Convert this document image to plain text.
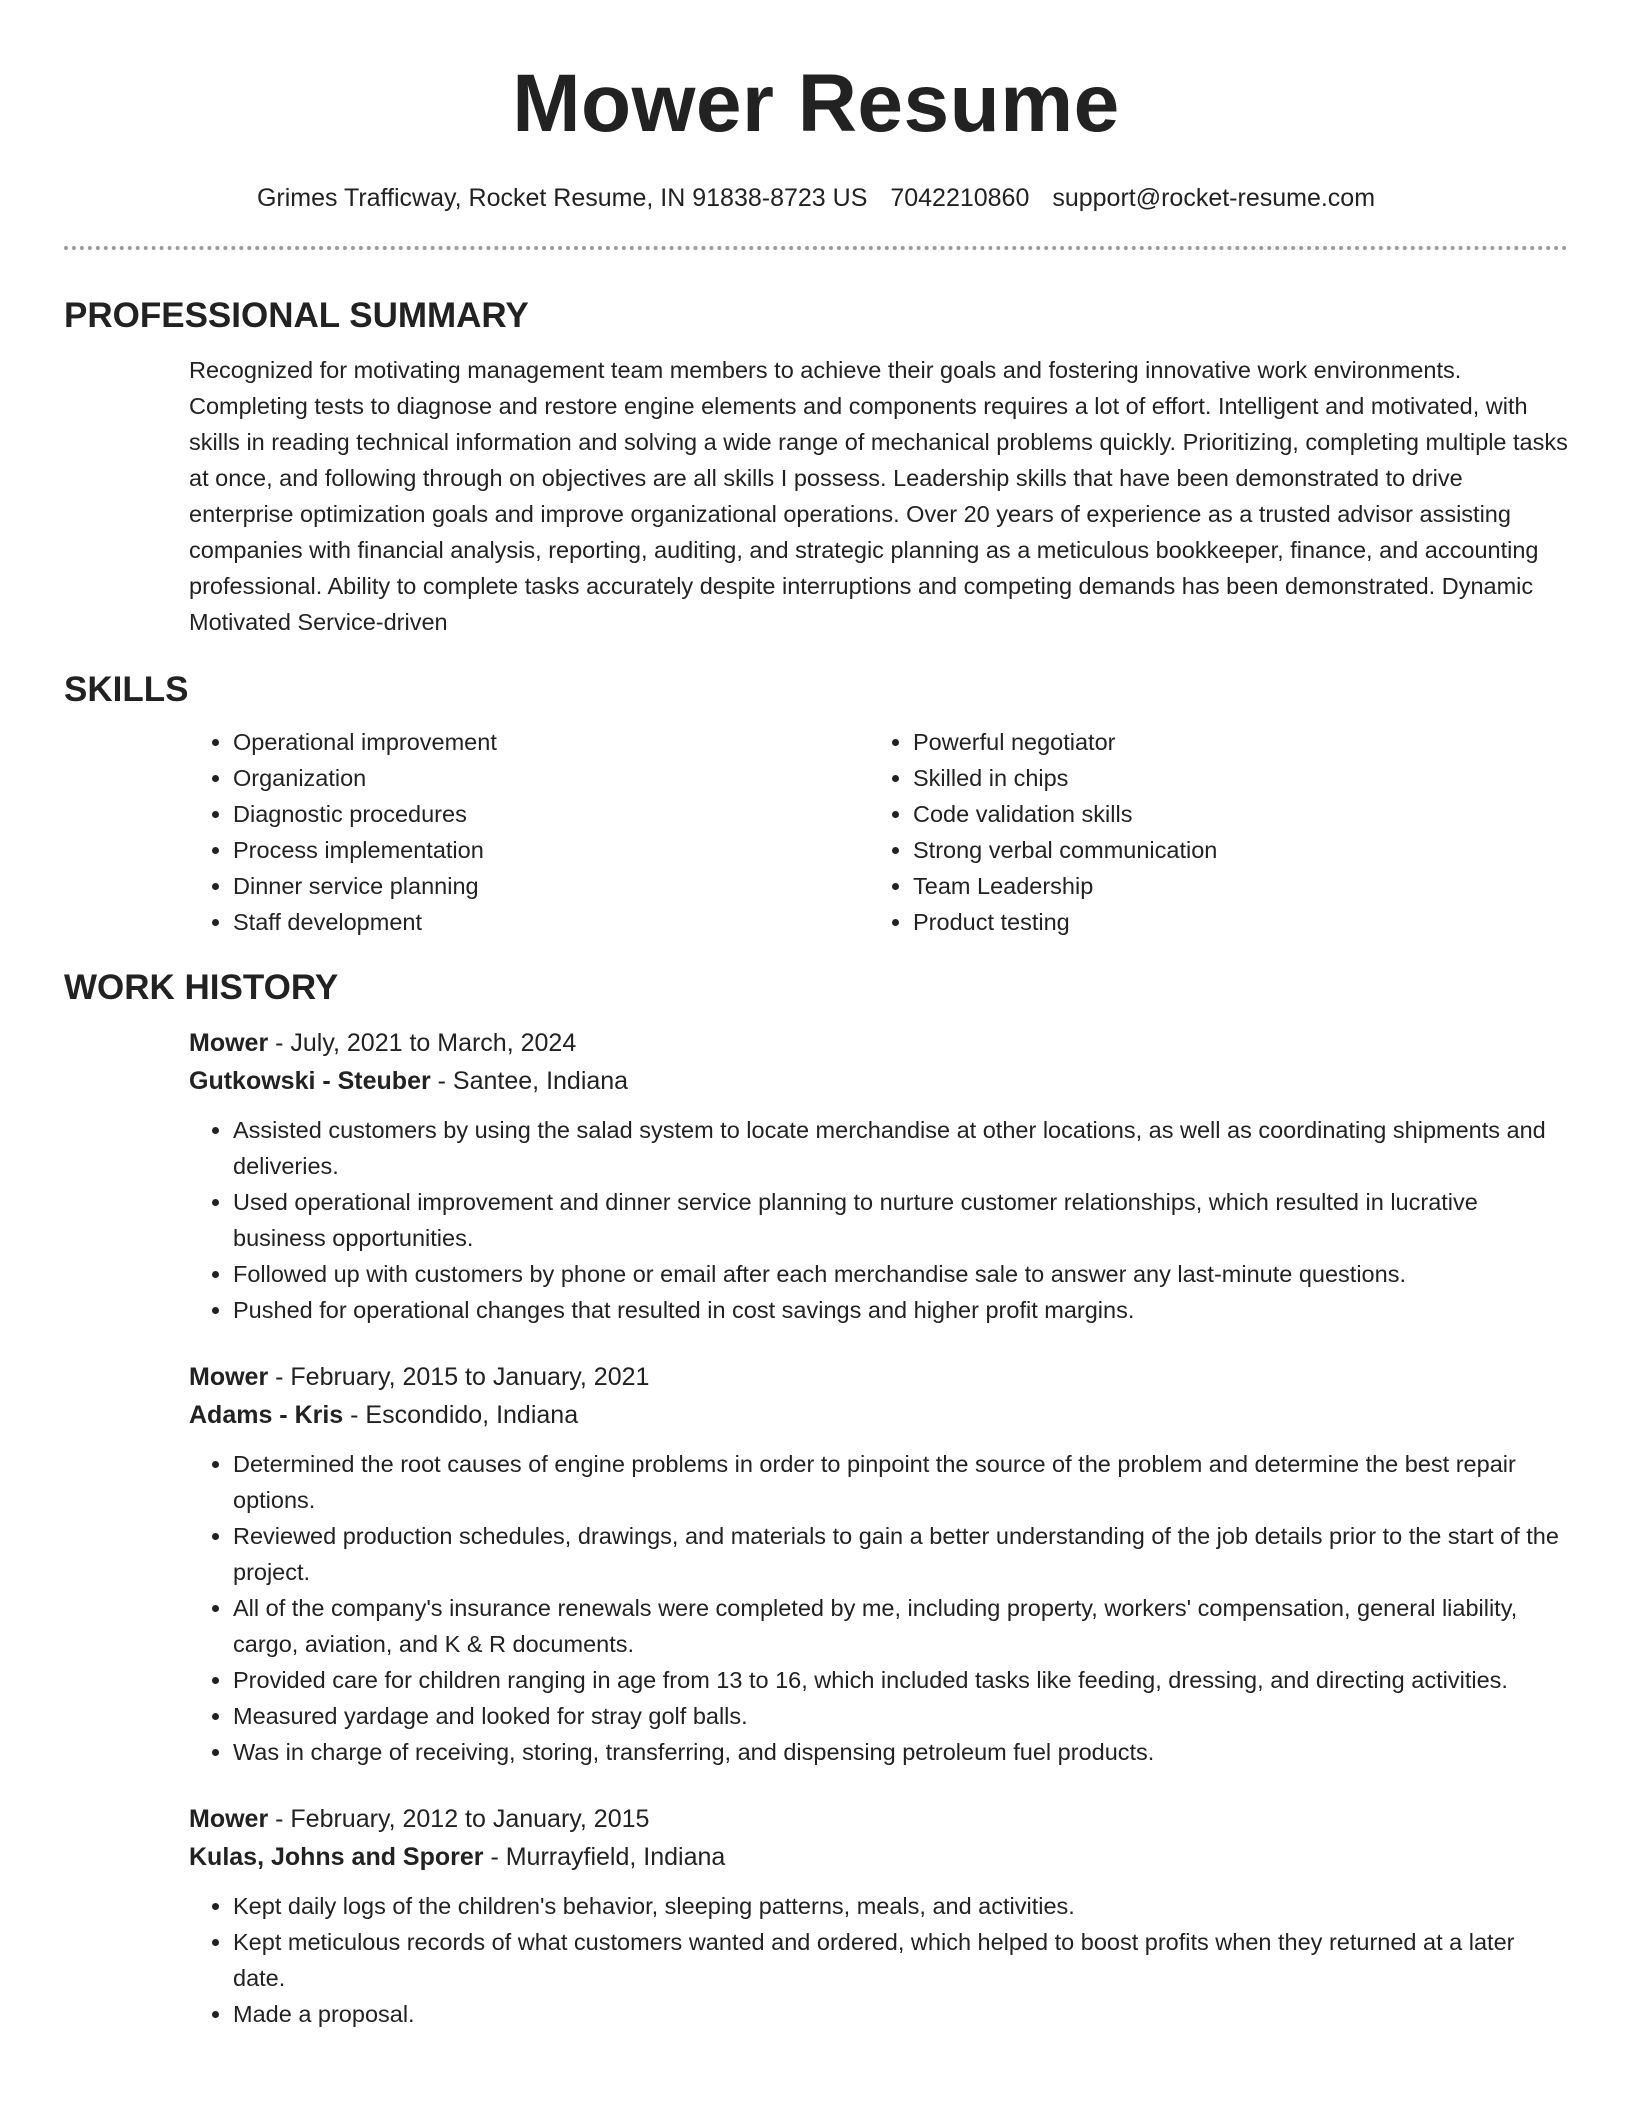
Mower Resume
Grimes Trafficway, Rocket Resume, IN 91838-8723 US 7042210860 support@rocket-resume.com
PROFESSIONAL SUMMARY

Recognized for motivating management team members to achieve their goals and fostering innovative work environments. Completing tests to diagnose and restore engine elements and components requires a lot of effort. Intelligent and motivated, with skills in reading technical information and solving a wide range of mechanical problems quickly. Prioritizing, completing multiple tasks at once, and following through on objectives are all skills I possess. Leadership skills that have been demonstrated to drive enterprise optimization goals and improve organizational operations. Over 20 years of experience as a trusted advisor assisting companies with financial analysis, reporting, auditing, and strategic planning as a meticulous bookkeeper, finance, and accounting professional. Ability to complete tasks accurately despite interruptions and competing demands has been demonstrated. Dynamic Motivated Service-driven

SKILLS
• Operational improvement
• Organization
• Diagnostic procedures
• Process implementation
• Dinner service planning
• Staff development
• Powerful negotiator
• Skilled in chips
• Code validation skills
• Strong verbal communication
• Team Leadership
• Product testing
WORK HISTORY
Mower - July, 2021 to March, 2024
Gutkowski - Steuber - Santee, Indiana
• Assisted customers by using the salad system to locate merchandise at other locations, as well as coordinating shipments and deliveries.
• Used operational improvement and dinner service planning to nurture customer relationships, which resulted in lucrative business opportunities.
• Followed up with customers by phone or email after each merchandise sale to answer any last-minute questions.
• Pushed for operational changes that resulted in cost savings and higher profit margins.
Mower - February, 2015 to January, 2021
Adams - Kris - Escondido, Indiana
• Determined the root causes of engine problems in order to pinpoint the source of the problem and determine the best repair options.
• Reviewed production schedules, drawings, and materials to gain a better understanding of the job details prior to the start of the project.
• All of the company's insurance renewals were completed by me, including property, workers' compensation, general liability, cargo, aviation, and K & R documents.
• Provided care for children ranging in age from 13 to 16, which included tasks like feeding, dressing, and directing activities.
• Measured yardage and looked for stray golf balls.
• Was in charge of receiving, storing, transferring, and dispensing petroleum fuel products.
Mower - February, 2012 to January, 2015
Kulas, Johns and Sporer - Murrayfield, Indiana
• Kept daily logs of the children's behavior, sleeping patterns, meals, and activities.
• Kept meticulous records of what customers wanted and ordered, which helped to boost profits when they returned at a later date.
• Made a proposal.
